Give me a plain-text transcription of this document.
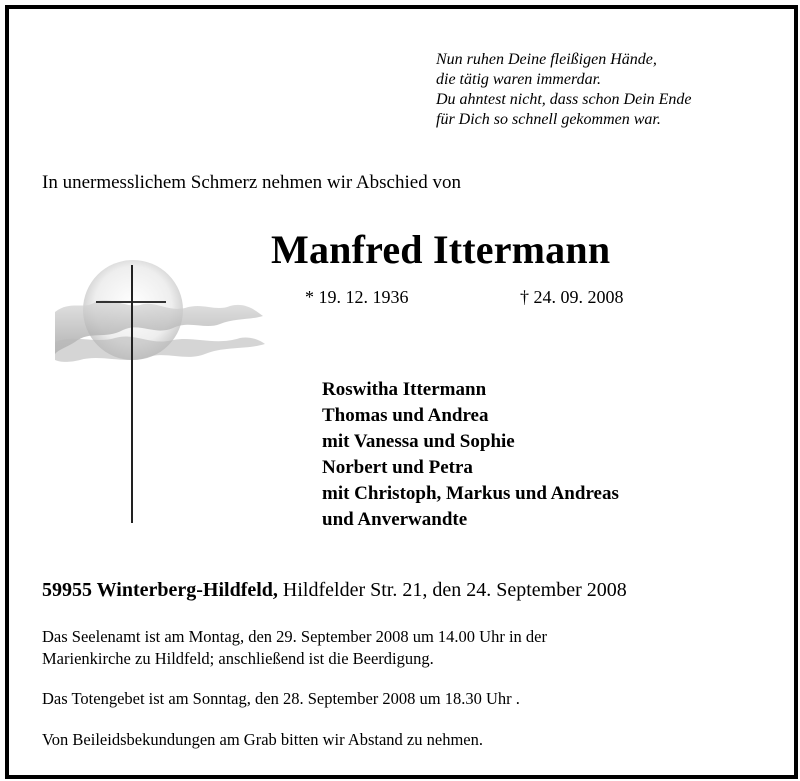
Nun ruhen Deine fleißigen Hände,
die tätig waren immerdar.
Du ahntest nicht, dass schon Dein Ende
für Dich so schnell gekommen war.
In unermesslichem Schmerz nehmen wir Abschied von
Manfred Ittermann
* 19. 12. 1936	† 24. 09. 2008
Roswitha Ittermann
Thomas und Andrea
mit Vanessa und Sophie
Norbert und Petra
mit Christoph, Markus und Andreas
und Anverwandte
59955 Winterberg-Hildfeld, Hildfelder Str. 21, den 24. September 2008
Das Seelenamt ist am Montag, den 29. September 2008 um 14.00 Uhr in der
Marienkirche zu Hildfeld; anschließend ist die Beerdigung.
Das Totengebet ist am Sonntag, den 28. September 2008 um 18.30 Uhr .
Von Beileidsbekundungen am Grab bitten wir Abstand zu nehmen.
